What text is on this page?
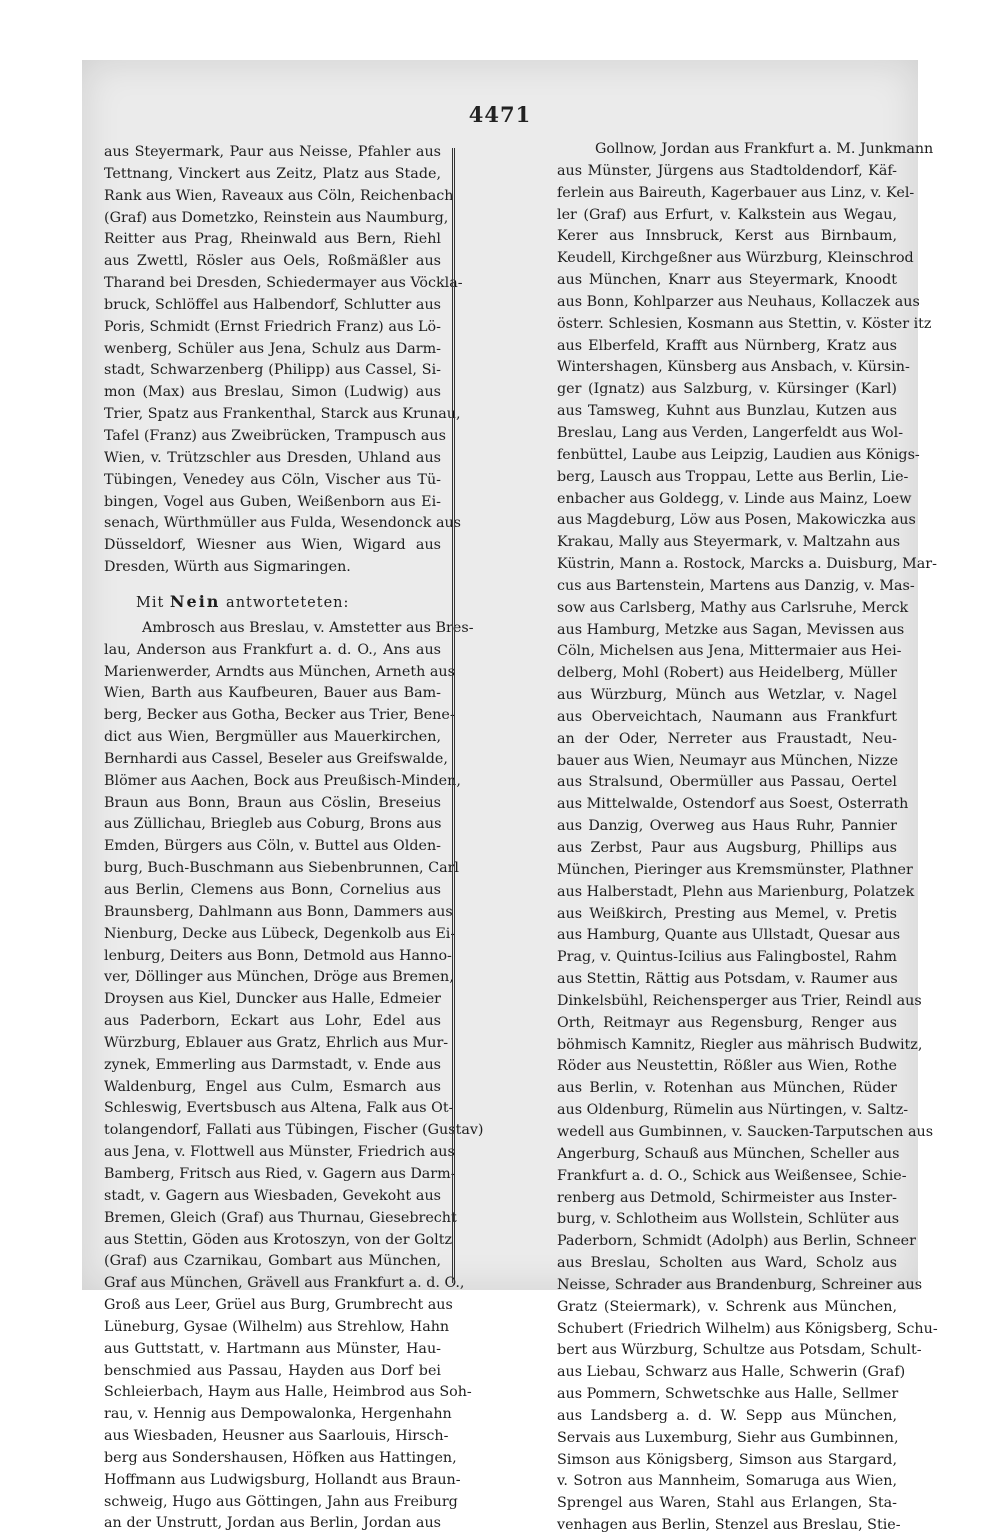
4471
aus Steyermark, Paur aus Neisse, Pfahler aus
Tettnang, Vinckert aus Zeitz, Platz aus Stade,
Rank aus Wien, Raveaux aus Cöln, Reichenbach
(Graf) aus Dometzko, Reinstein aus Naumburg,
Reitter aus Prag, Rheinwald aus Bern, Riehl
aus Zwettl, Rösler aus Oels, Roßmäßler aus
Tharand bei Dresden, Schiedermayer aus Vöckla-
bruck, Schlöffel aus Halbendorf, Schlutter aus
Poris, Schmidt (Ernst Friedrich Franz) aus Lö-
wenberg, Schüler aus Jena, Schulz aus Darm-
stadt, Schwarzenberg (Philipp) aus Cassel, Si-
mon (Max) aus Breslau, Simon (Ludwig) aus
Trier, Spatz aus Frankenthal, Starck aus Krunau,
Tafel (Franz) aus Zweibrücken, Trampusch aus
Wien, v. Trützschler aus Dresden, Uhland aus
Tübingen, Venedey aus Cöln, Vischer aus Tü-
bingen, Vogel aus Guben, Weißenborn aus Ei-
senach, Würthmüller aus Fulda, Wesendonck aus
Düsseldorf, Wiesner aus Wien, Wigard aus
Dresden, Würth aus Sigmaringen.
Mit Nein antworteteten:
Ambrosch aus Breslau, v. Amstetter aus Bres-
lau, Anderson aus Frankfurt a. d. O., Ans aus
Marienwerder, Arndts aus München, Arneth aus
Wien, Barth aus Kaufbeuren, Bauer aus Bam-
berg, Becker aus Gotha, Becker aus Trier, Bene-
dict aus Wien, Bergmüller aus Mauerkirchen,
Bernhardi aus Cassel, Beseler aus Greifswalde,
Blömer aus Aachen, Bock aus Preußisch-Minden,
Braun aus Bonn, Braun aus Cöslin, Breseius
aus Züllichau, Briegleb aus Coburg, Brons aus
Emden, Bürgers aus Cöln, v. Buttel aus Olden-
burg, Buch-Buschmann aus Siebenbrunnen, Carl
aus Berlin, Clemens aus Bonn, Cornelius aus
Braunsberg, Dahlmann aus Bonn, Dammers aus
Nienburg, Decke aus Lübeck, Degenkolb aus Ei-
lenburg, Deiters aus Bonn, Detmold aus Hanno-
ver, Döllinger aus München, Dröge aus Bremen,
Droysen aus Kiel, Duncker aus Halle, Edmeier
aus Paderborn, Eckart aus Lohr, Edel aus
Würzburg, Eblauer aus Gratz, Ehrlich aus Mur-
zynek, Emmerling aus Darmstadt, v. Ende aus
Waldenburg, Engel aus Culm, Esmarch aus
Schleswig, Evertsbusch aus Altena, Falk aus Ot-
tolangendorf, Fallati aus Tübingen, Fischer (Gustav)
aus Jena, v. Flottwell aus Münster, Friedrich aus
Bamberg, Fritsch aus Ried, v. Gagern aus Darm-
stadt, v. Gagern aus Wiesbaden, Gevekoht aus
Bremen, Gleich (Graf) aus Thurnau, Giesebrecht
aus Stettin, Göden aus Krotoszyn, von der Goltz
(Graf) aus Czarnikau, Gombart aus München,
Graf aus München, Grävell aus Frankfurt a. d. O.,
Groß aus Leer, Grüel aus Burg, Grumbrecht aus
Lüneburg, Gysae (Wilhelm) aus Strehlow, Hahn
aus Guttstatt, v. Hartmann aus Münster, Hau-
benschmied aus Passau, Hayden aus Dorf bei
Schleierbach, Haym aus Halle, Heimbrod aus Soh-
rau, v. Hennig aus Dempowalonka, Hergenhahn
aus Wiesbaden, Heusner aus Saarlouis, Hirsch-
berg aus Sondershausen, Höfken aus Hattingen,
Hoffmann aus Ludwigsburg, Hollandt aus Braun-
schweig, Hugo aus Göttingen, Jahn aus Freiburg
an der Unstrutt, Jordan aus Berlin, Jordan aus
Gollnow, Jordan aus Frankfurt a. M. Junkmann
aus Münster, Jürgens aus Stadtoldendorf, Käf-
ferlein aus Baireuth, Kagerbauer aus Linz, v. Kel-
ler (Graf) aus Erfurt, v. Kalkstein aus Wegau,
Kerer aus Innsbruck, Kerst aus Birnbaum,
Keudell, Kirchgeßner aus Würzburg, Kleinschrod
aus München, Knarr aus Steyermark, Knoodt
aus Bonn, Kohlparzer aus Neuhaus, Kollaczek aus
österr. Schlesien, Kosmann aus Stettin, v. Köster itz
aus Elberfeld, Krafft aus Nürnberg, Kratz aus
Wintershagen, Künsberg aus Ansbach, v. Kürsin-
ger (Ignatz) aus Salzburg, v. Kürsinger (Karl)
aus Tamsweg, Kuhnt aus Bunzlau, Kutzen aus
Breslau, Lang aus Verden, Langerfeldt aus Wol-
fenbüttel, Laube aus Leipzig, Laudien aus Königs-
berg, Lausch aus Troppau, Lette aus Berlin, Lie-
enbacher aus Goldegg, v. Linde aus Mainz, Loew
aus Magdeburg, Löw aus Posen, Makowiczka aus
Krakau, Mally aus Steyermark, v. Maltzahn aus
Küstrin, Mann a. Rostock, Marcks a. Duisburg, Mar-
cus aus Bartenstein, Martens aus Danzig, v. Mas-
sow aus Carlsberg, Mathy aus Carlsruhe, Merck
aus Hamburg, Metzke aus Sagan, Mevissen aus
Cöln, Michelsen aus Jena, Mittermaier aus Hei-
delberg, Mohl (Robert) aus Heidelberg, Müller
aus Würzburg, Münch aus Wetzlar, v. Nagel
aus Oberveichtach, Naumann aus Frankfurt
an der Oder, Nerreter aus Fraustadt, Neu-
bauer aus Wien, Neumayr aus München, Nizze
aus Stralsund, Obermüller aus Passau, Oertel
aus Mittelwalde, Ostendorf aus Soest, Osterrath
aus Danzig, Overweg aus Haus Ruhr, Pannier
aus Zerbst, Paur aus Augsburg, Phillips aus
München, Pieringer aus Kremsmünster, Plathner
aus Halberstadt, Plehn aus Marienburg, Polatzek
aus Weißkirch, Presting aus Memel, v. Pretis
aus Hamburg, Quante aus Ullstadt, Quesar aus
Prag, v. Quintus-Icilius aus Falingbostel, Rahm
aus Stettin, Rättig aus Potsdam, v. Raumer aus
Dinkelsbühl, Reichensperger aus Trier, Reindl aus
Orth, Reitmayr aus Regensburg, Renger aus
böhmisch Kamnitz, Riegler aus mährisch Budwitz,
Röder aus Neustettin, Rößler aus Wien, Rothe
aus Berlin, v. Rotenhan aus München, Rüder
aus Oldenburg, Rümelin aus Nürtingen, v. Saltz-
wedell aus Gumbinnen, v. Saucken-Tarputschen aus
Angerburg, Schauß aus München, Scheller aus
Frankfurt a. d. O., Schick aus Weißensee, Schie-
renberg aus Detmold, Schirmeister aus Inster-
burg, v. Schlotheim aus Wollstein, Schlüter aus
Paderborn, Schmidt (Adolph) aus Berlin, Schneer
aus Breslau, Scholten aus Ward, Scholz aus
Neisse, Schrader aus Brandenburg, Schreiner aus
Gratz (Steiermark), v. Schrenk aus München,
Schubert (Friedrich Wilhelm) aus Königsberg, Schu-
bert aus Würzburg, Schultze aus Potsdam, Schult-
aus Liebau, Schwarz aus Halle, Schwerin (Graf)
aus Pommern, Schwetschke aus Halle, Sellmer
aus Landsberg a. d. W. Sepp aus München,
Servais aus Luxemburg, Siehr aus Gumbinnen,
Simson aus Königsberg, Simson aus Stargard,
v. Sotron aus Mannheim, Somaruga aus Wien,
Sprengel aus Waren, Stahl aus Erlangen, Sta-
venhagen aus Berlin, Stenzel aus Breslau, Stie-
